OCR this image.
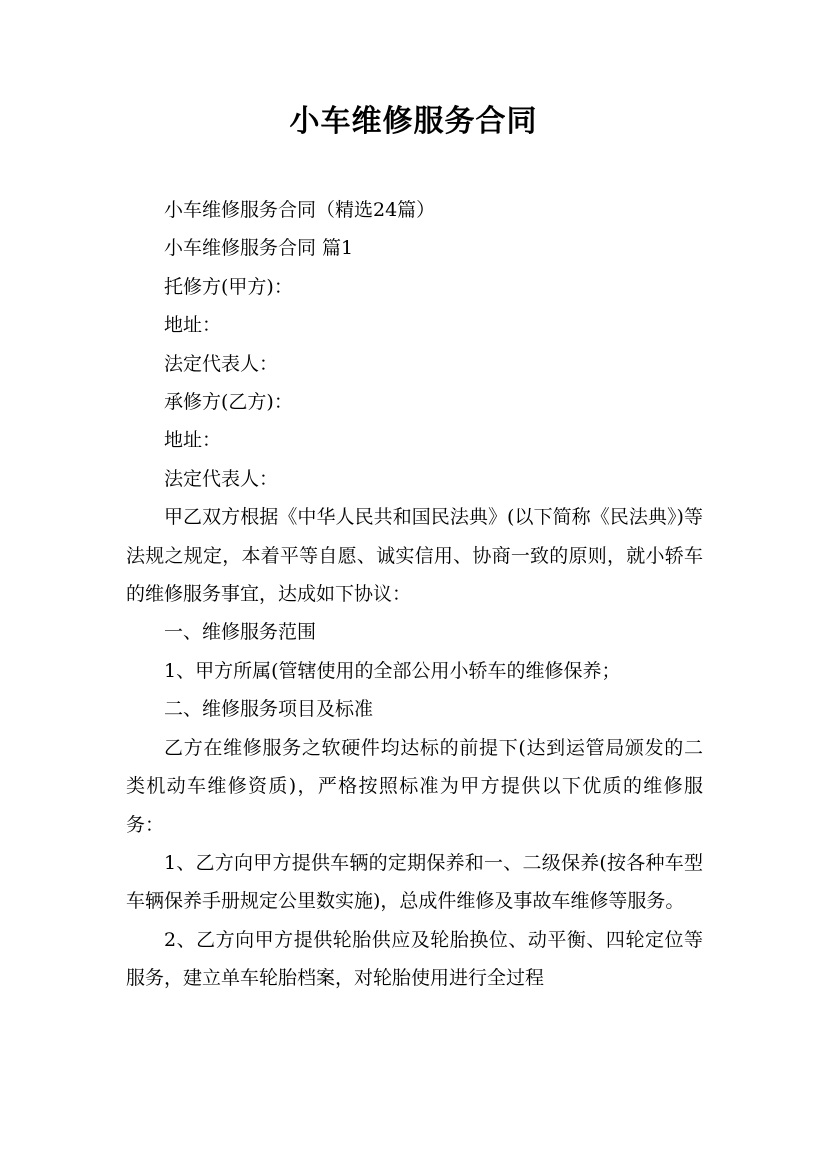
小车维修服务合同

小车维修服务合同（精选24篇）

小车维修服务合同 篇1

托修方(甲方)：

地址：

法定代表人：

承修方(乙方)：

地址：

法定代表人：

甲乙双方根据《中华人民共和国民法典》(以下简称《民法典》)等法规之规定，本着平等自愿、诚实信用、协商一致的原则，就小轿车的维修服务事宜，达成如下协议：

一、维修服务范围

1、甲方所属(管辖使用的全部公用小轿车的维修保养；

二、维修服务项目及标准

乙方在维修服务之软硬件均达标的前提下(达到运管局颁发的二类机动车维修资质)，严格按照标准为甲方提供以下优质的维修服务：

1、乙方向甲方提供车辆的定期保养和一、二级保养(按各种车型车辆保养手册规定公里数实施)，总成件维修及事故车维修等服务。

2、乙方向甲方提供轮胎供应及轮胎换位、动平衡、四轮定位等服务，建立单车轮胎档案，对轮胎使用进行全过程
